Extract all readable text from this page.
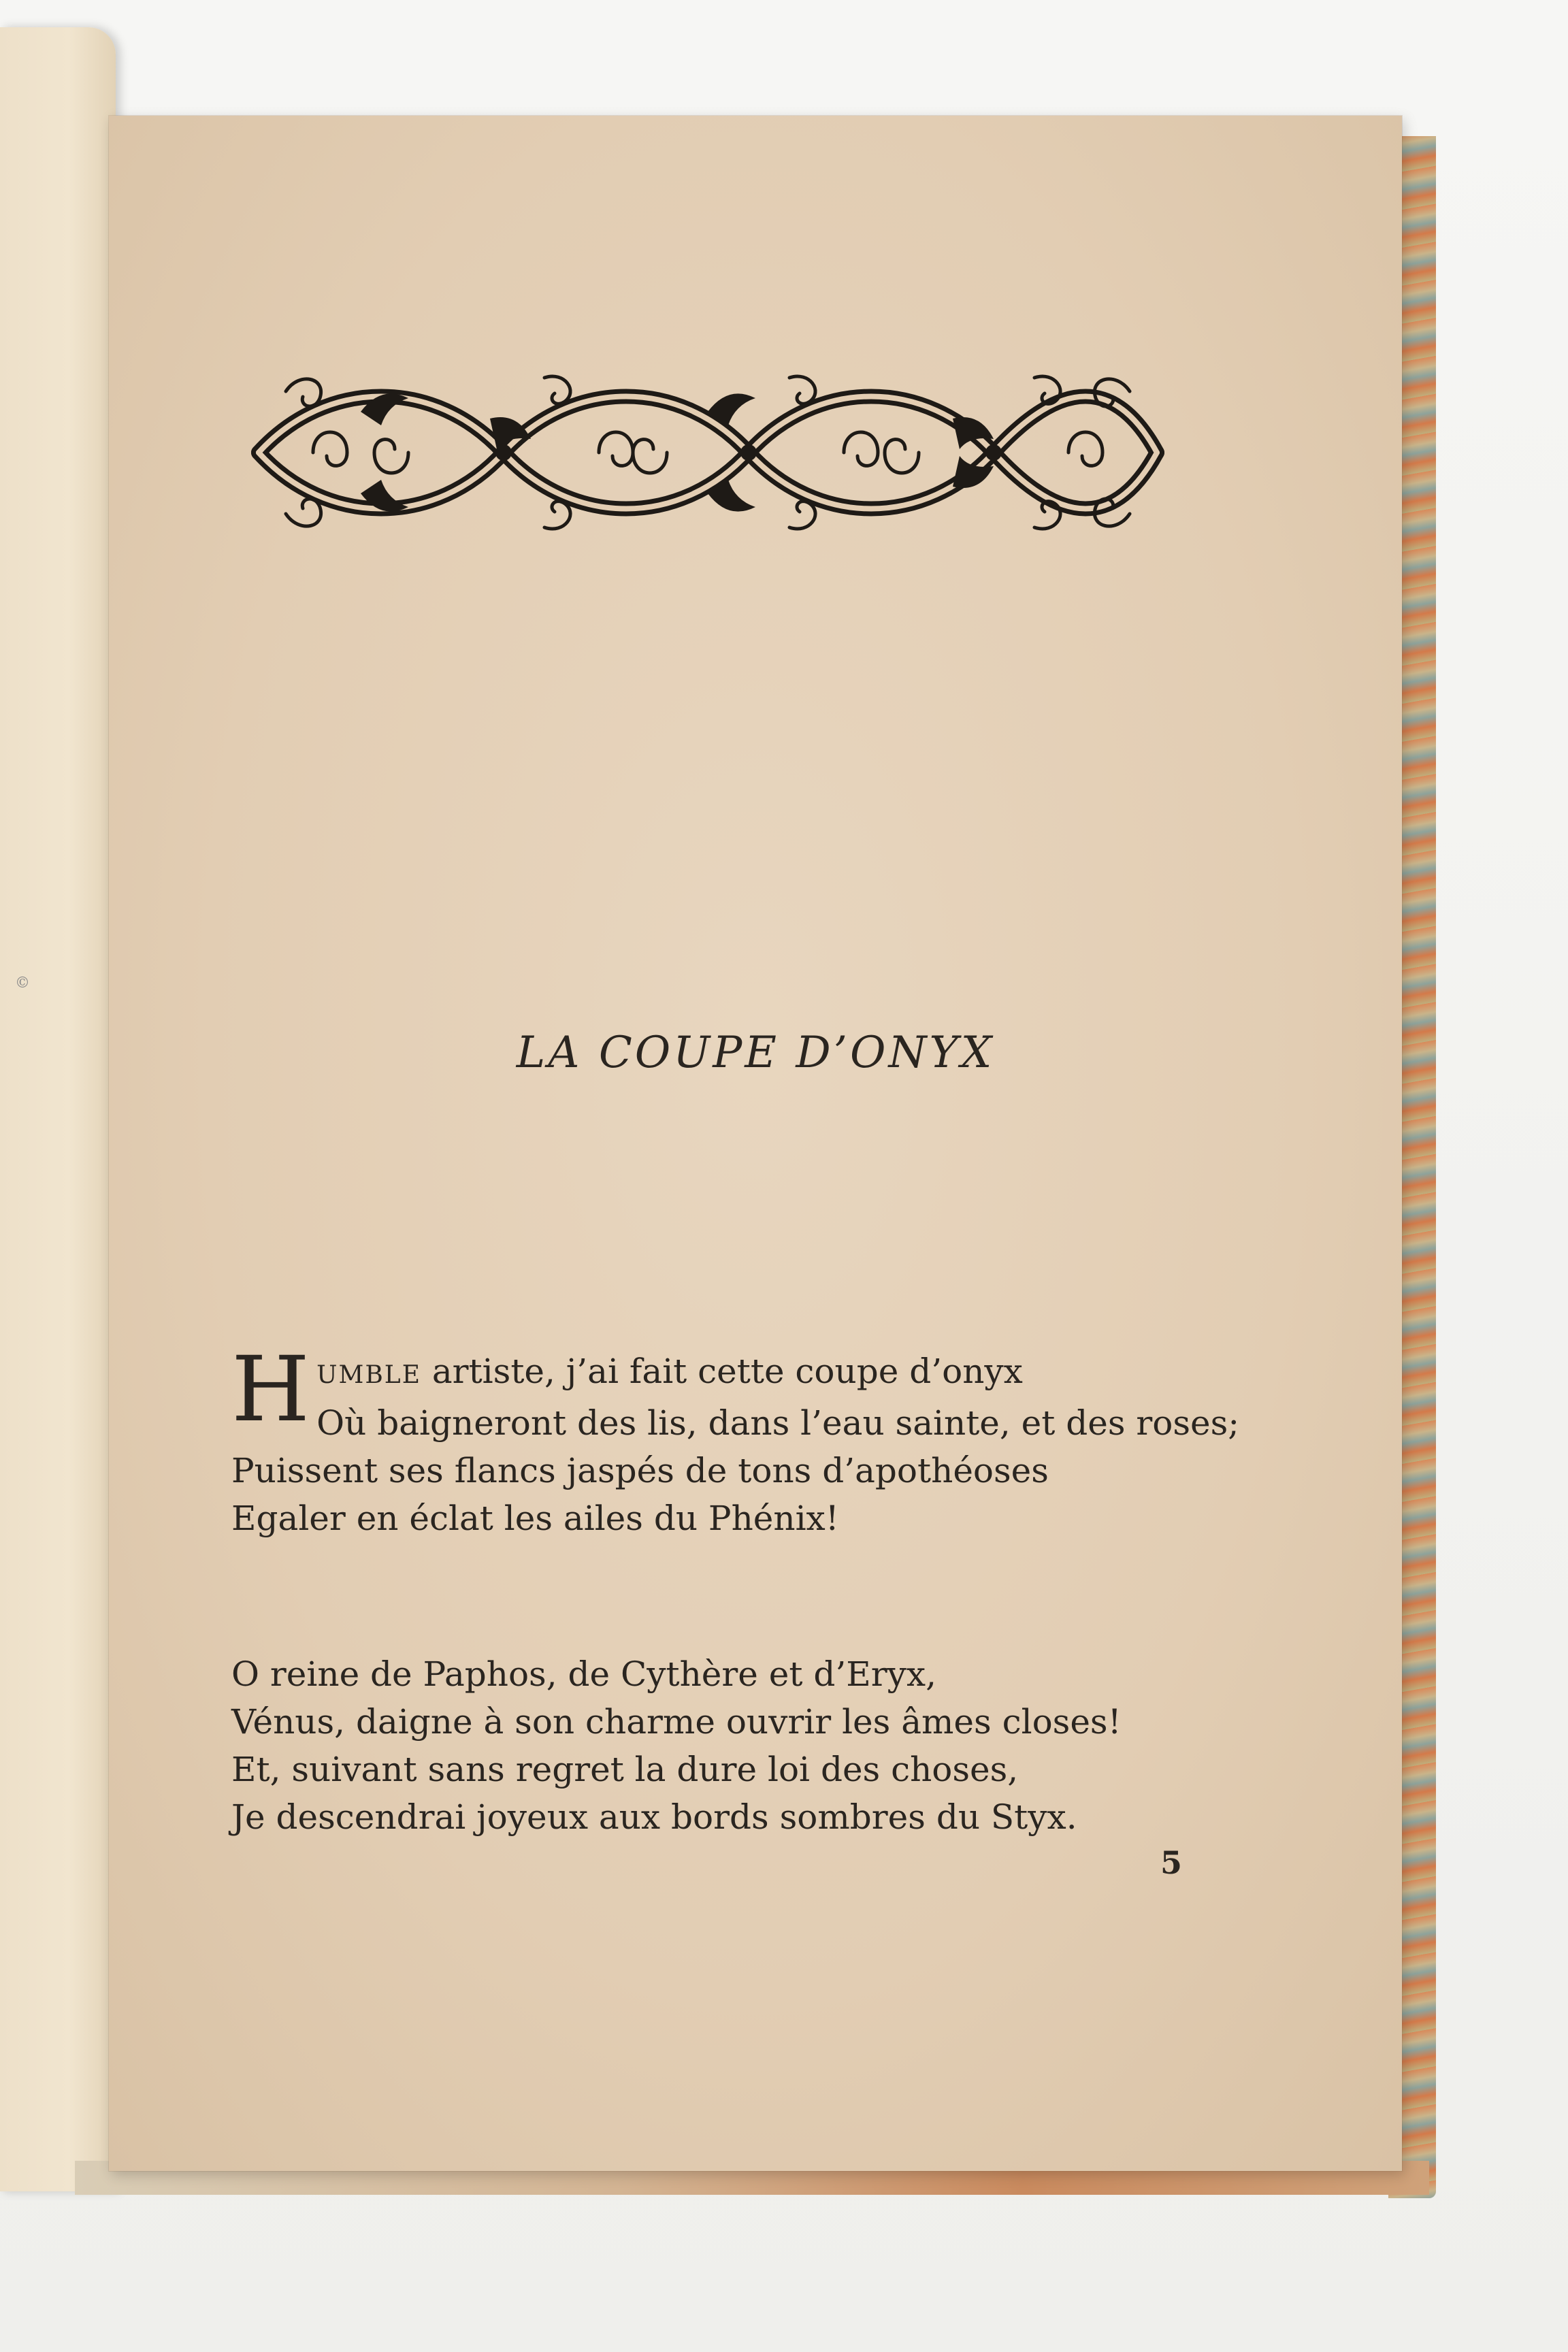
©
LA COUPE D’ONYX
H UMBLE artiste, j’ai fait cette coupe d’onyx
Où baigneront des lis, dans l’eau sainte, et des roses;
Puissent ses flancs jaspés de tons d’apothéoses
Egaler en éclat les ailes du Phénix!
O reine de Paphos, de Cythère et d’Eryx,
Vénus, daigne à son charme ouvrir les âmes closes!
Et, suivant sans regret la dure loi des choses,
Je descendrai joyeux aux bords sombres du Styx.
5
